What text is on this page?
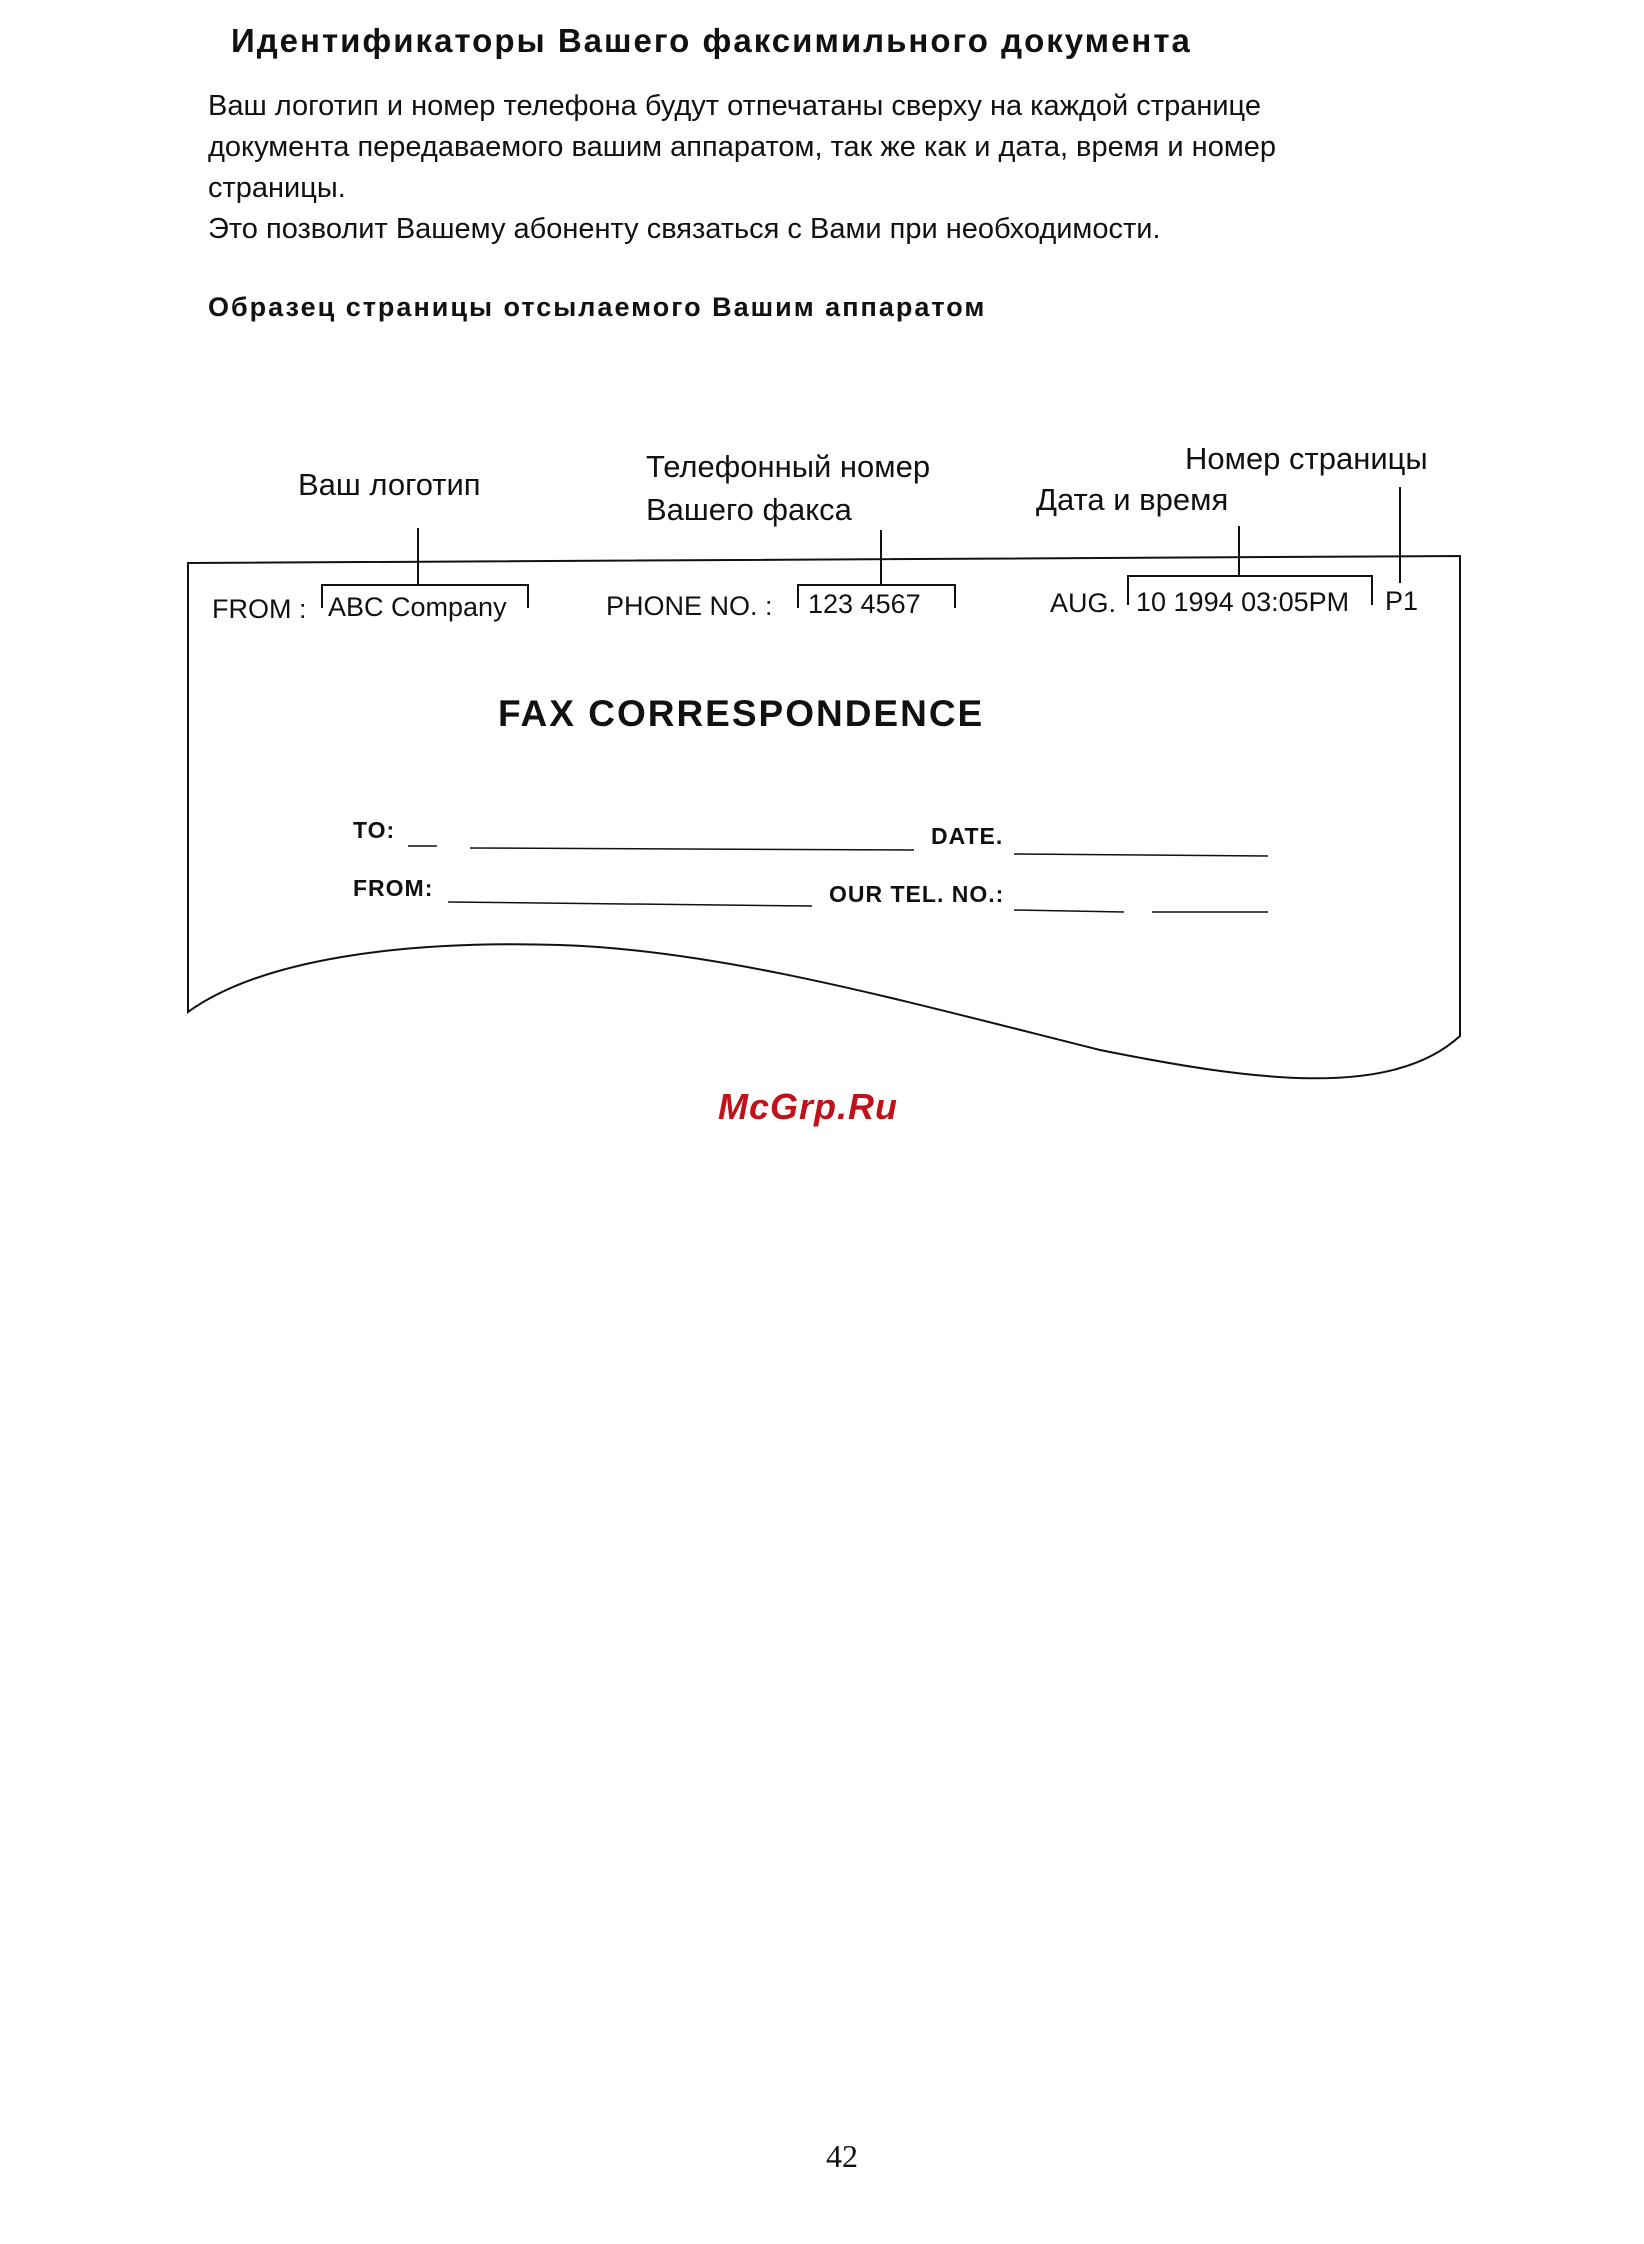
Идентификаторы Вашего факсимильного документа
Ваш логотип и номер телефона будут отпечатаны сверху на каждой странице
документа передаваемого вашим аппаратом, так же как и дата, время и номер
страницы.
Это позволит Вашему абоненту связаться с Вами при необходимости.
Образец страницы отсылаемого Вашим аппаратом
Ваш логотип
Телефонный номер
Вашего факса
Номер страницы
Дата и время
FROM : ABC Company	PHONE NO. : 123 4567	AUG. 10 1994 03:05PM P1
FAX CORRESPONDENCE
TO:	DATE.
FROM:	OUR TEL. NO.:
McGrp.Ru
42
